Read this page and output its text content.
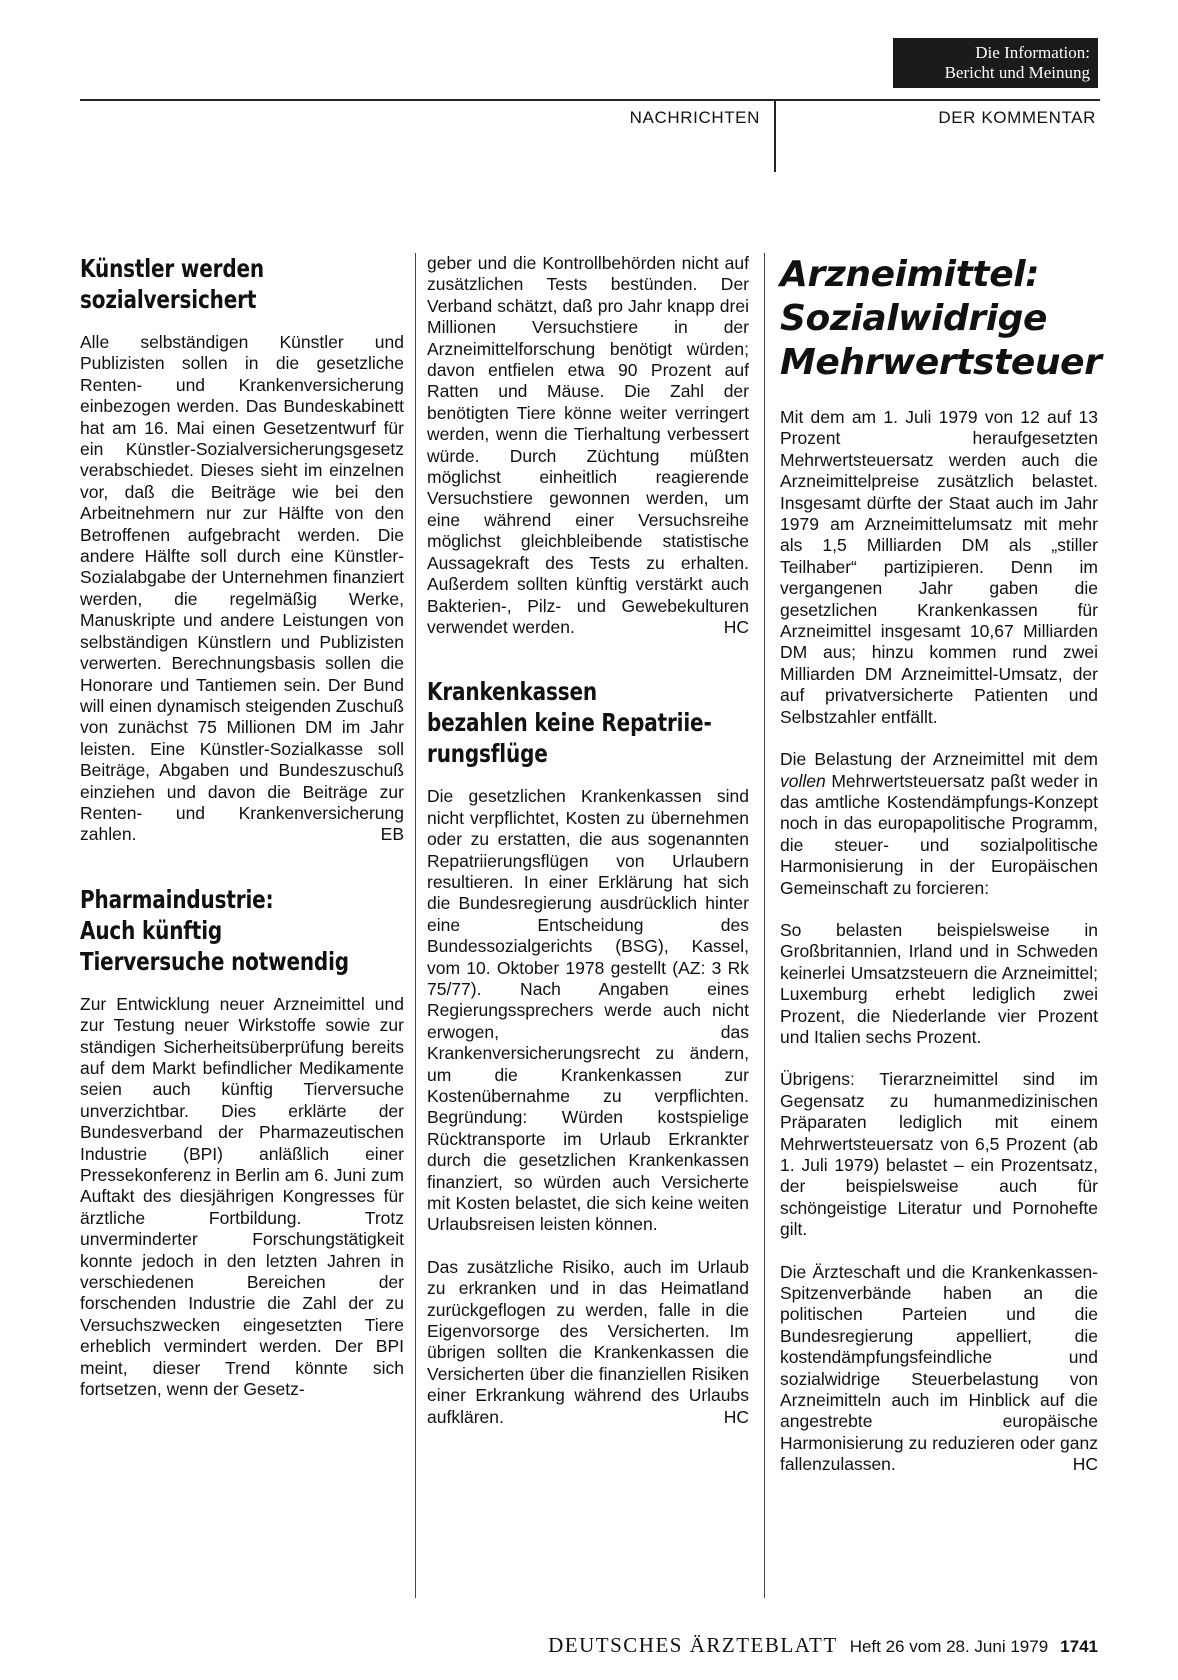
Die Information:
Bericht und Meinung
NACHRICHTEN	DER KOMMENTAR
Künstler werden
sozialversichert

Alle selbständigen Künstler und Publizisten sollen in die gesetzliche Renten- und Krankenversicherung einbezogen werden. Das Bundeskabinett hat am 16. Mai einen Gesetzentwurf für ein Künstler-Sozialversicherungsgesetz verabschiedet. Dieses sieht im einzelnen vor, daß die Beiträge wie bei den Arbeitnehmern nur zur Hälfte von den Betroffenen aufgebracht werden. Die andere Hälfte soll durch eine Künstler-Sozialabgabe der Unternehmen finanziert werden, die regelmäßig Werke, Manuskripte und andere Leistungen von selbständigen Künstlern und Publizisten verwerten. Berechnungsbasis sollen die Honorare und Tantiemen sein. Der Bund will einen dynamisch steigenden Zuschuß von zunächst 75 Millionen DM im Jahr leisten. Eine Künstler-Sozialkasse soll Beiträge, Abgaben und Bundeszuschuß einziehen und davon die Beiträge zur Renten- und Krankenversicherung zahlen.	EB

Pharmaindustrie:
Auch künftig
Tierversuche notwendig

Zur Entwicklung neuer Arzneimittel und zur Testung neuer Wirkstoffe sowie zur ständigen Sicherheitsüberprüfung bereits auf dem Markt befindlicher Medikamente seien auch künftig Tierversuche unverzichtbar. Dies erklärte der Bundesverband der Pharmazeutischen Industrie (BPI) anläßlich einer Pressekonferenz in Berlin am 6. Juni zum Auftakt des diesjährigen Kongresses für ärztliche Fortbildung. Trotz unverminderter Forschungstätigkeit konnte jedoch in den letzten Jahren in verschiedenen Bereichen der forschenden Industrie die Zahl der zu Versuchszwecken eingesetzten Tiere erheblich vermindert werden. Der BPI meint, dieser Trend könnte sich fortsetzen, wenn der Gesetz-

geber und die Kontrollbehörden nicht auf zusätzlichen Tests bestünden. Der Verband schätzt, daß pro Jahr knapp drei Millionen Versuchstiere in der Arzneimittelforschung benötigt würden; davon entfielen etwa 90 Prozent auf Ratten und Mäuse. Die Zahl der benötigten Tiere könne weiter verringert werden, wenn die Tierhaltung verbessert würde. Durch Züchtung müßten möglichst einheitlich reagierende Versuchstiere gewonnen werden, um eine während einer Versuchsreihe möglichst gleichbleibende statistische Aussagekraft des Tests zu erhalten. Außerdem sollten künftig verstärkt auch Bakterien-, Pilz- und Gewebekulturen verwendet werden.	HC

Krankenkassen
bezahlen keine Repatriie-
rungsflüge

Die gesetzlichen Krankenkassen sind nicht verpflichtet, Kosten zu übernehmen oder zu erstatten, die aus sogenannten Repatriierungsflügen von Urlaubern resultieren. In einer Erklärung hat sich die Bundesregierung ausdrücklich hinter eine Entscheidung des Bundessozialgerichts (BSG), Kassel, vom 10. Oktober 1978 gestellt (AZ: 3 Rk 75/77). Nach Angaben eines Regierungssprechers werde auch nicht erwogen, das Krankenversicherungsrecht zu ändern, um die Krankenkassen zur Kostenübernahme zu verpflichten. Begründung: Würden kostspielige Rücktransporte im Urlaub Erkrankter durch die gesetzlichen Krankenkassen finanziert, so würden auch Versicherte mit Kosten belastet, die sich keine weiten Urlaubsreisen leisten können.

Das zusätzliche Risiko, auch im Urlaub zu erkranken und in das Heimatland zurückgeflogen zu werden, falle in die Eigenvorsorge des Versicherten. Im übrigen sollten die Krankenkassen die Versicherten über die finanziellen Risiken einer Erkrankung während des Urlaubs aufklären.	HC

Arzneimittel:
Sozialwidrige
Mehrwertsteuer

Mit dem am 1. Juli 1979 von 12 auf 13 Prozent heraufgesetzten Mehrwertsteuersatz werden auch die Arzneimittelpreise zusätzlich belastet. Insgesamt dürfte der Staat auch im Jahr 1979 am Arzneimittelumsatz mit mehr als 1,5 Milliarden DM als „stiller Teilhaber“ partizipieren. Denn im vergangenen Jahr gaben die gesetzlichen Krankenkassen für Arzneimittel insgesamt 10,67 Milliarden DM aus; hinzu kommen rund zwei Milliarden DM Arzneimittel-Umsatz, der auf privatversicherte Patienten und Selbstzahler entfällt.

Die Belastung der Arzneimittel mit dem vollen Mehrwertsteuersatz paßt weder in das amtliche Kostendämpfungs-Konzept noch in das europapolitische Programm, die steuer- und sozialpolitische Harmonisierung in der Europäischen Gemeinschaft zu forcieren:

So belasten beispielsweise in Großbritannien, Irland und in Schweden keinerlei Umsatzsteuern die Arzneimittel; Luxemburg erhebt lediglich zwei Prozent, die Niederlande vier Prozent und Italien sechs Prozent.

Übrigens: Tierarzneimittel sind im Gegensatz zu humanmedizinischen Präparaten lediglich mit einem Mehrwertsteuersatz von 6,5 Prozent (ab 1. Juli 1979) belastet – ein Prozentsatz, der beispielsweise auch für schöngeistige Literatur und Pornohefte gilt.

Die Ärzteschaft und die Krankenkassen-Spitzenverbände haben an die politischen Parteien und die Bundesregierung appelliert, die kostendämpfungsfeindliche und sozialwidrige Steuerbelastung von Arzneimitteln auch im Hinblick auf die angestrebte europäische Harmonisierung zu reduzieren oder ganz fallenzulassen.	HC

DEUTSCHES ÄRZTEBLATT Heft 26 vom 28. Juni 1979 1741
